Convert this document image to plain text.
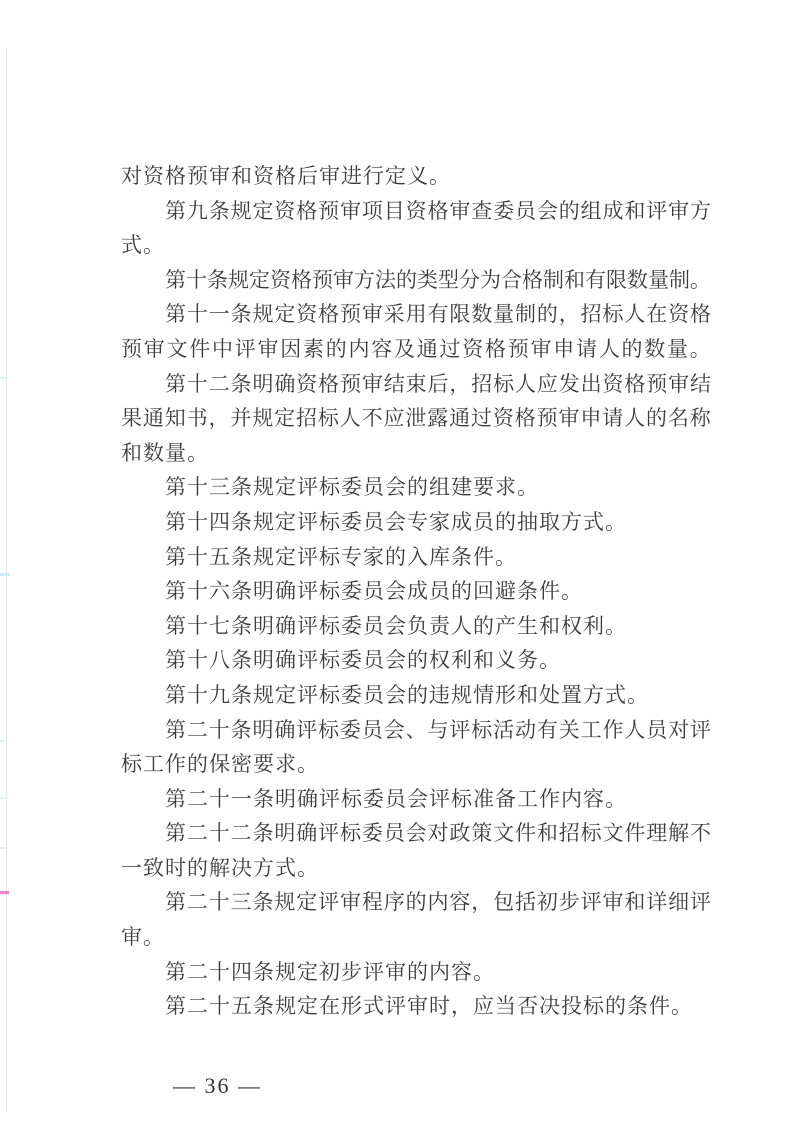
对资格预审和资格后审进行定义。
第 九 条 规 定 资 格 预 审 项 目 资 格 审 查 委 员 会 的 组 成 和 评 审 方
式。
第 十 条 规 定 资 格 预 审 方 法 的 类 型 分 为 合 格 制 和 有 限 数 量 制 。
第 十 一 条 规 定 资 格 预 审 采 用 有 限 数 量 制 的 ， 招 标 人 在 资 格
预 审 文 件 中 评 审 因 素 的 内 容 及 通 过 资 格 预 审 申 请 人 的 数 量 。
第 十 二 条 明 确 资 格 预 审 结 束 后 ， 招 标 人 应 发 出 资 格 预 审 结
果 通 知 书 ， 并 规 定 招 标 人 不 应 泄 露 通 过 资 格 预 审 申 请 人 的 名 称
和数量。
第十三条规定评标委员会的组建要求。
第十四条规定评标委员会专家成员的抽取方式。
第十五条规定评标专家的入库条件。
第十六条明确评标委员会成员的回避条件。
第十七条明确评标委员会负责人的产生和权利。
第十八条明确评标委员会的权利和义务。
第十九条规定评标委员会的违规情形和处置方式。
第 二 十 条 明 确 评 标 委 员 会 、 与 评 标 活 动 有 关 工 作 人 员 对 评
标工作的保密要求。
第二十一条明确评标委员会评标准备工作内容。
第 二 十 二 条 明 确 评 标 委 员 会 对 政 策 文 件 和 招 标 文 件 理 解 不
一致时的解决方式。
第 二 十 三 条 规 定 评 审 程 序 的 内 容 ， 包 括 初 步 评 审 和 详 细 评
审。
第二十四条规定初步评审的内容。
第二十五条规定在形式评审时，应当否决投标的条件。

— 36 —
